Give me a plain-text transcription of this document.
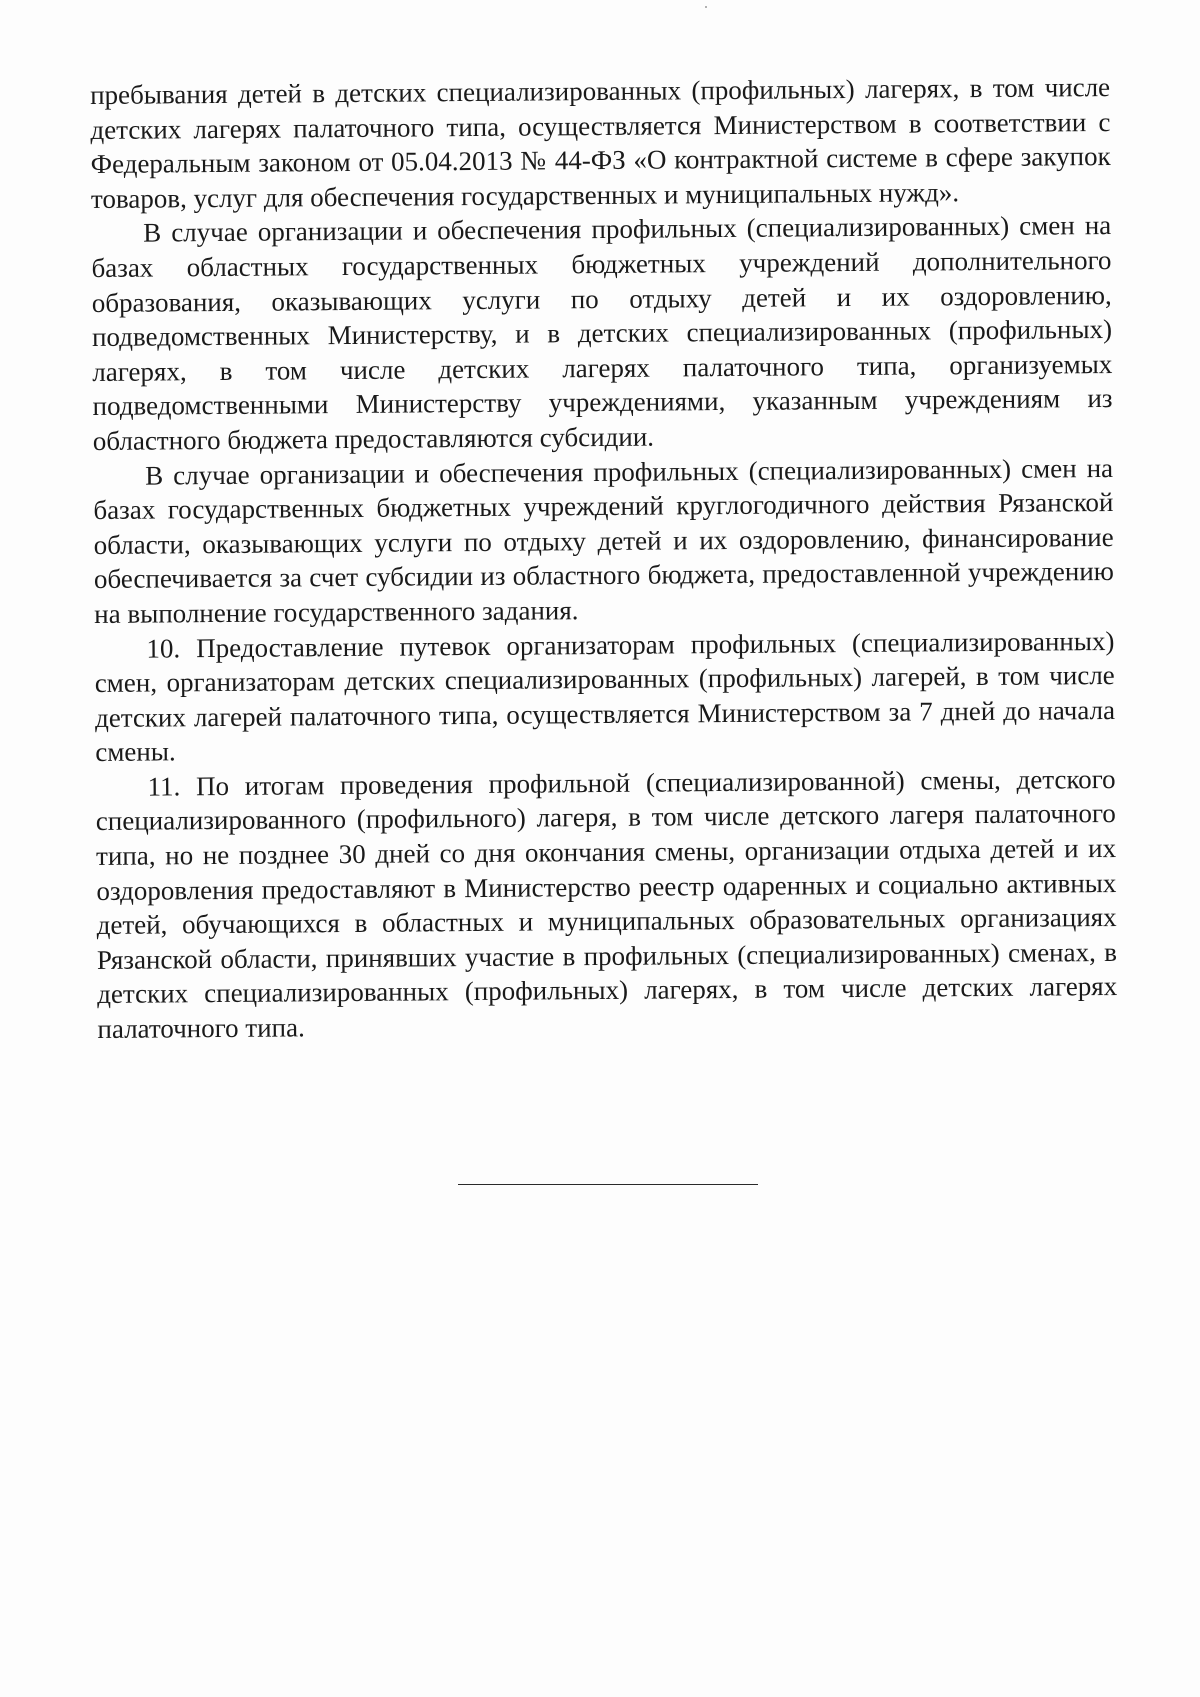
пребывания детей в детских специализированных (профильных) лагерях, в том числе детских лагерях палаточного типа, осуществляется Министерством в соответствии с Федеральным законом от 05.04.2013 № 44-ФЗ «О контрактной системе в сфере закупок товаров, услуг для обеспечения государственных и муниципальных нужд».

В случае организации и обеспечения профильных (специализированных) смен на базах областных государственных бюджетных учреждений дополнительного образования, оказывающих услуги по отдыху детей и их оздоровлению, подведомственных Министерству, и в детских специализированных (профильных) лагерях, в том числе детских лагерях палаточного типа, организуемых подведомственными Министерству учреждениями, указанным учреждениям из областного бюджета предоставляются субсидии.

В случае организации и обеспечения профильных (специализированных) смен на базах государственных бюджетных учреждений круглогодичного действия Рязанской области, оказывающих услуги по отдыху детей и их оздоровлению, финансирование обеспечивается за счет субсидии из областного бюджета, предоставленной учреждению на выполнение государственного задания.

10. Предоставление путевок организаторам профильных (специализированных) смен, организаторам детских специализированных (профильных) лагерей, в том числе детских лагерей палаточного типа, осуществляется Министерством за 7 дней до начала смены.

11. По итогам проведения профильной (специализированной) смены, детского специализированного (профильного) лагеря, в том числе детского лагеря палаточного типа, но не позднее 30 дней со дня окончания смены, организации отдыха детей и их оздоровления предоставляют в Министерство реестр одаренных и социально активных детей, обучающихся в областных и муниципальных образовательных организациях Рязанской области, принявших участие в профильных (специализированных) сменах, в детских специализированных (профильных) лагерях, в том числе детских лагерях палаточного типа.
